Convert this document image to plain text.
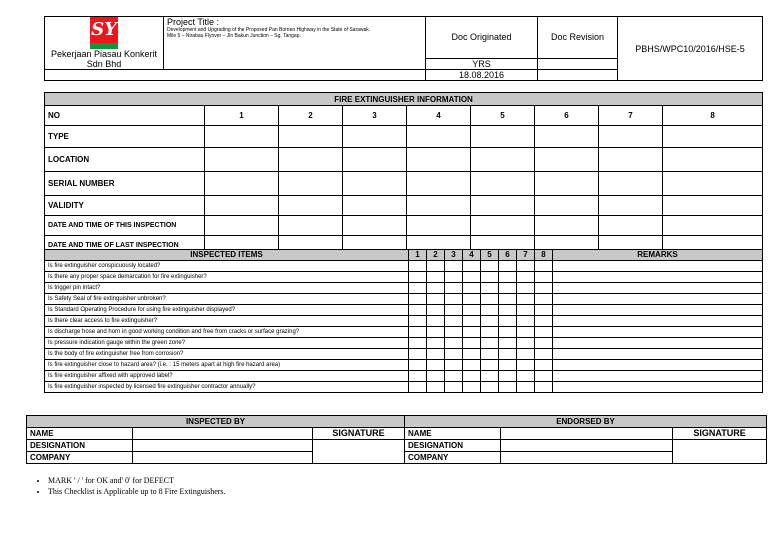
SY
Pekerjaan Piasau Konkerit
Sdn Bhd	Project Title :
Development and Upgrading of the Proposed Pan Borneo Highway in the State of Sarawak.
Mile 5 – Nirabau Flyover – Jln Bakun Junction – Sg. Tangap.	Doc Originated	Doc Revision	PBHS/WPC10/2016/HSE-5

		YRS		
		18.08.2016		
FIRE EXTINGUISHER INFORMATION								
NO	1	2	3	4	5	6	7	8
TYPE								
LOCATION								
SERIAL NUMBER								
VALIDITY								
DATE AND TIME OF THIS INSPECTION								
DATE AND TIME OF LAST INSPECTION								
INSPECTED ITEMS	1	2	3	4	5	6	7	8	REMARKS
Is fire extinguisher conspicuously located?									
Is there any proper space demarcation for fire extinguisher?									
Is trigger pin intact?									
Is Safety Seal of fire extinguisher unbroken?									
Is Standard Operating Procedure for using fire extinguisher displayed?									
Is there clear access to fire extinguisher?									
Is discharge hose and horn in good working condition and free from cracks or surface grazing?									
Is pressure indication gauge within the green zone?									
Is the body of fire extinguisher free from corrosion?									
Is fire extinguisher close to hazard area? (i.e. : 15 meters apart at high fire hazard area)									
Is fire extinguisher affixed with approved label?									
Is fire extinguisher inspected by licensed fire extinguisher contractor annually?									
INSPECTED BY			ENDORSED BY		
NAME		SIGNATURE	NAME		SIGNATURE
DESIGNATION			DESIGNATION		
COMPANY			COMPANY		
• MARK ' / ' for OK and' 0' for DEFECT
• This Checklist is Applicable up to 8 Fire Extinguishers.
